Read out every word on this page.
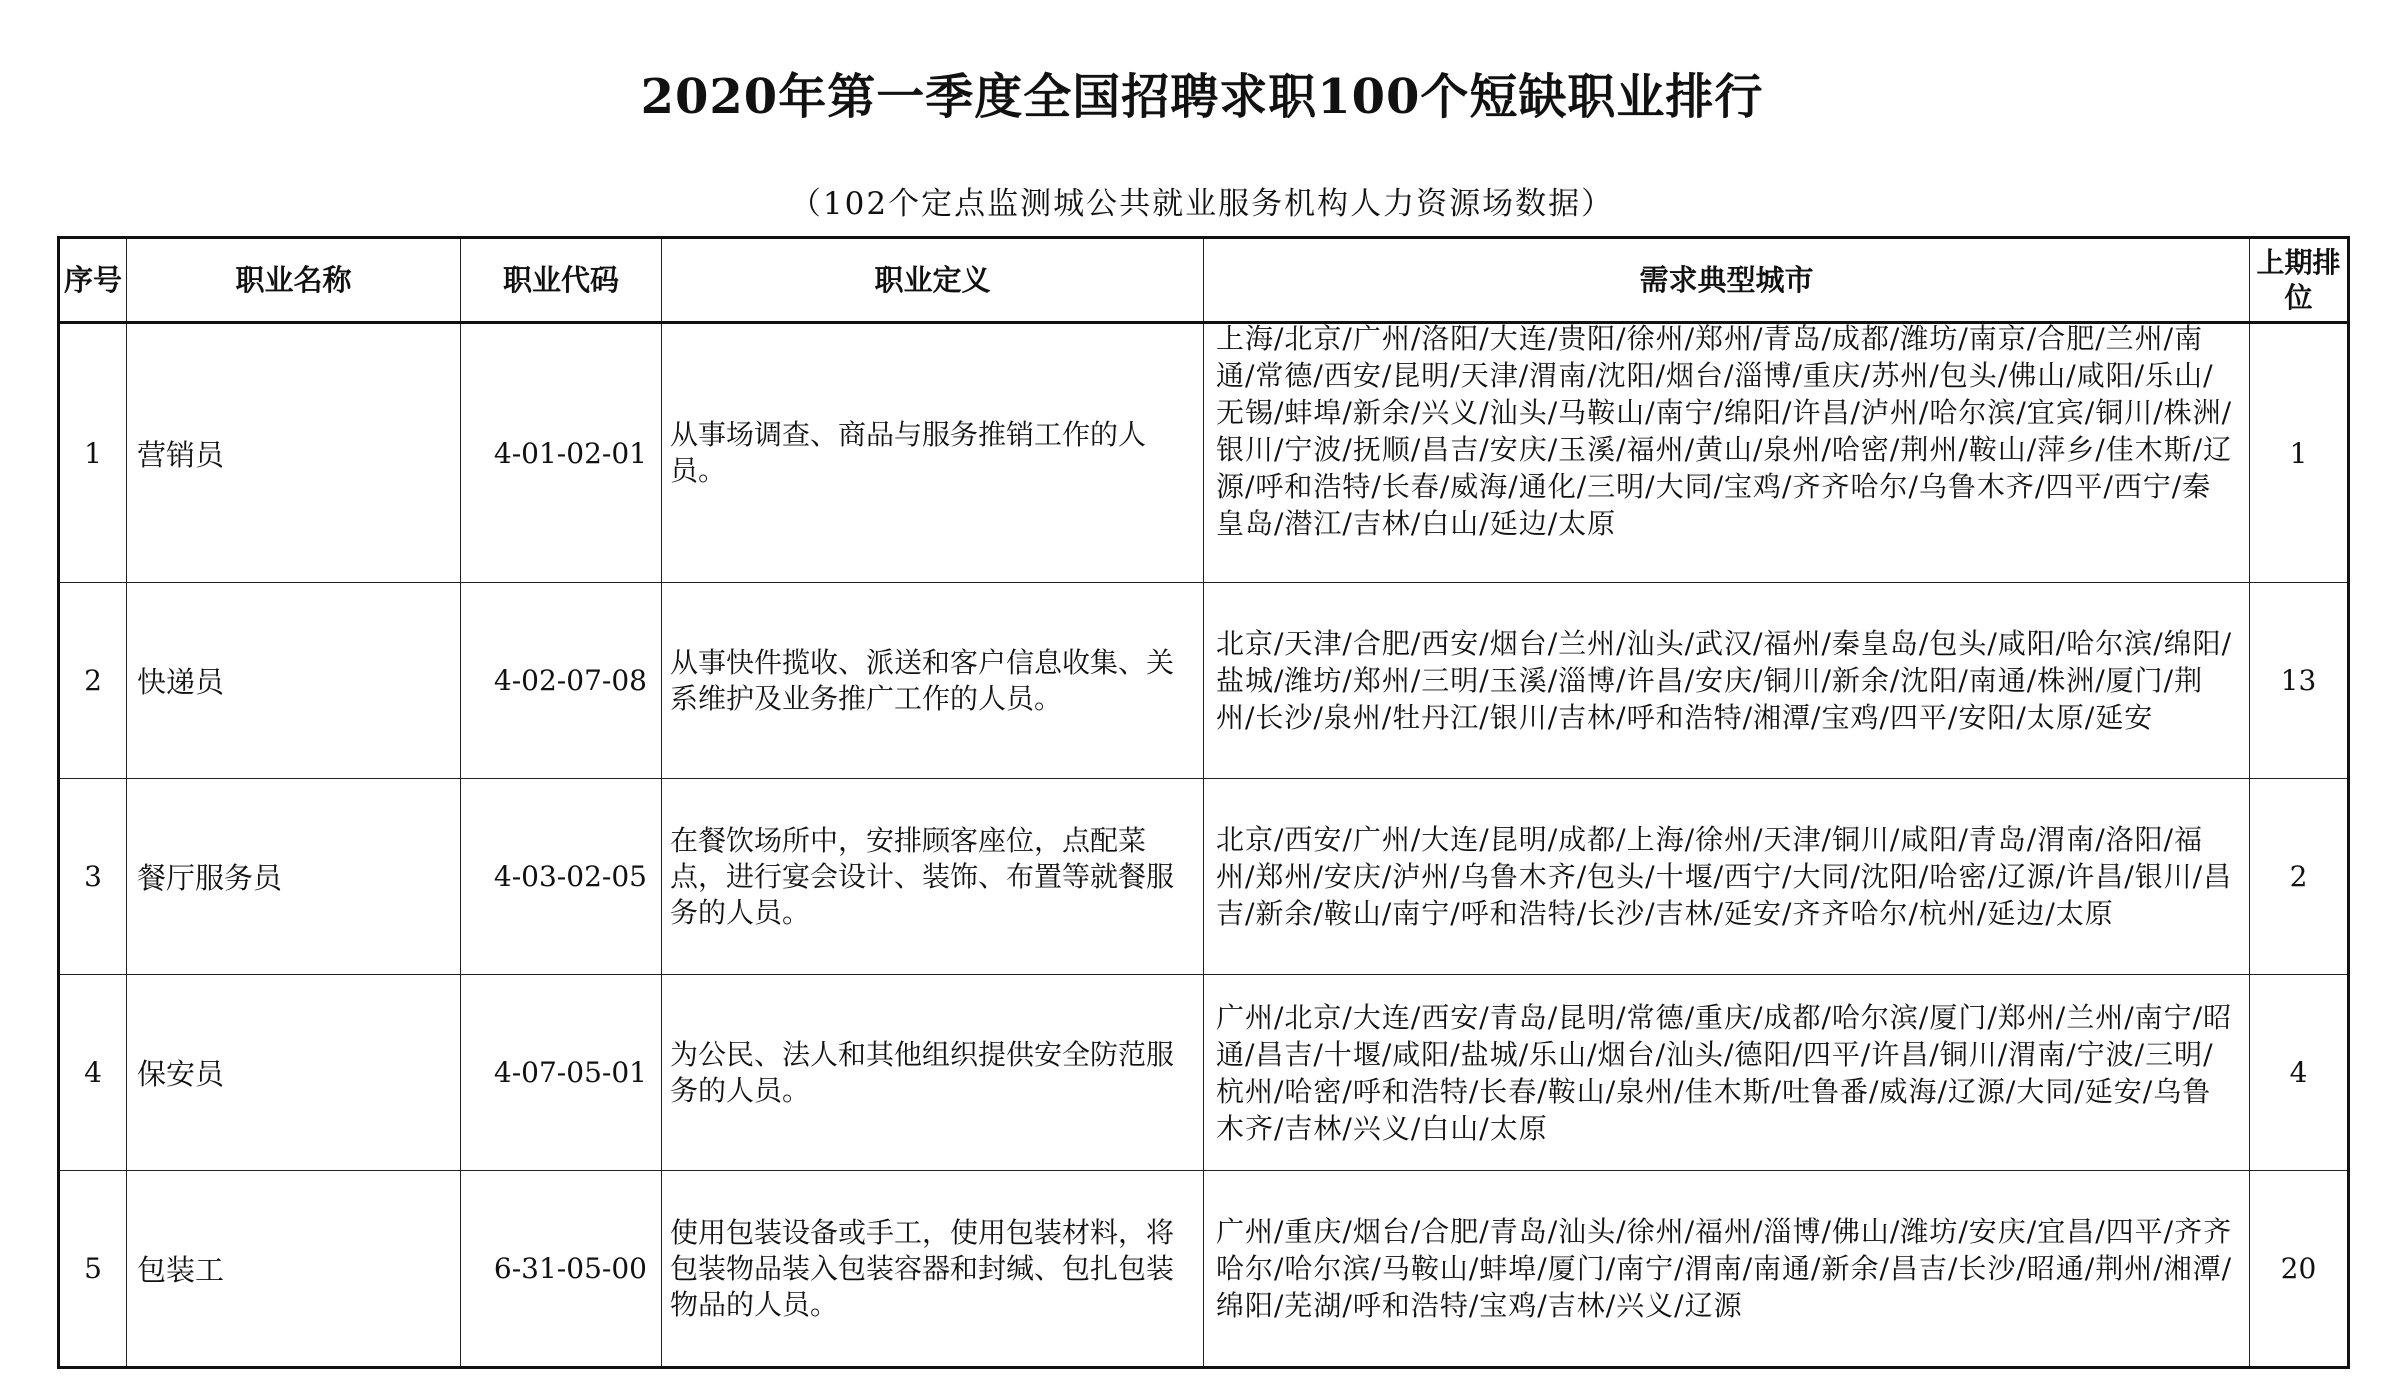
2020年第一季度全国招聘求职100个短缺职业排行
（102个定点监测城公共就业服务机构人力资源场数据）
序号	职业名称	职业代码	职业定义	需求典型城市	上期排位
1	营销员	4-01-02-01	从事场调查、商品与服务推销工作的人员。	上海/北京/广州/洛阳/大连/贵阳/徐州/郑州/青岛/成都/潍坊/南京/合肥/兰州/南通/常德/西安/昆明/天津/渭南/沈阳/烟台/淄博/重庆/苏州/包头/佛山/咸阳/乐山/无锡/蚌埠/新余/兴义/汕头/马鞍山/南宁/绵阳/许昌/泸州/哈尔滨/宜宾/铜川/株洲/银川/宁波/抚顺/昌吉/安庆/玉溪/福州/黄山/泉州/哈密/荆州/鞍山/萍乡/佳木斯/辽源/呼和浩特/长春/威海/通化/三明/大同/宝鸡/齐齐哈尔/乌鲁木齐/四平/西宁/秦皇岛/潜江/吉林/白山/延边/太原	1
2	快递员	4-02-07-08	从事快件揽收、派送和客户信息收集、关系维护及业务推广工作的人员。	北京/天津/合肥/西安/烟台/兰州/汕头/武汉/福州/秦皇岛/包头/咸阳/哈尔滨/绵阳/盐城/潍坊/郑州/三明/玉溪/淄博/许昌/安庆/铜川/新余/沈阳/南通/株洲/厦门/荆州/长沙/泉州/牡丹江/银川/吉林/呼和浩特/湘潭/宝鸡/四平/安阳/太原/延安	13
3	餐厅服务员	4-03-02-05	在餐饮场所中，安排顾客座位，点配菜点，进行宴会设计、装饰、布置等就餐服务的人员。	北京/西安/广州/大连/昆明/成都/上海/徐州/天津/铜川/咸阳/青岛/渭南/洛阳/福州/郑州/安庆/泸州/乌鲁木齐/包头/十堰/西宁/大同/沈阳/哈密/辽源/许昌/银川/昌吉/新余/鞍山/南宁/呼和浩特/长沙/吉林/延安/齐齐哈尔/杭州/延边/太原	2
4	保安员	4-07-05-01	为公民、法人和其他组织提供安全防范服务的人员。	广州/北京/大连/西安/青岛/昆明/常德/重庆/成都/哈尔滨/厦门/郑州/兰州/南宁/昭通/昌吉/十堰/咸阳/盐城/乐山/烟台/汕头/德阳/四平/许昌/铜川/渭南/宁波/三明/杭州/哈密/呼和浩特/长春/鞍山/泉州/佳木斯/吐鲁番/威海/辽源/大同/延安/乌鲁木齐/吉林/兴义/白山/太原	4
5	包装工	6-31-05-00	使用包装设备或手工，使用包装材料，将包装物品装入包装容器和封缄、包扎包装物品的人员。	广州/重庆/烟台/合肥/青岛/汕头/徐州/福州/淄博/佛山/潍坊/安庆/宜昌/四平/齐齐哈尔/哈尔滨/马鞍山/蚌埠/厦门/南宁/渭南/南通/新余/昌吉/长沙/昭通/荆州/湘潭/绵阳/芜湖/呼和浩特/宝鸡/吉林/兴义/辽源	20
